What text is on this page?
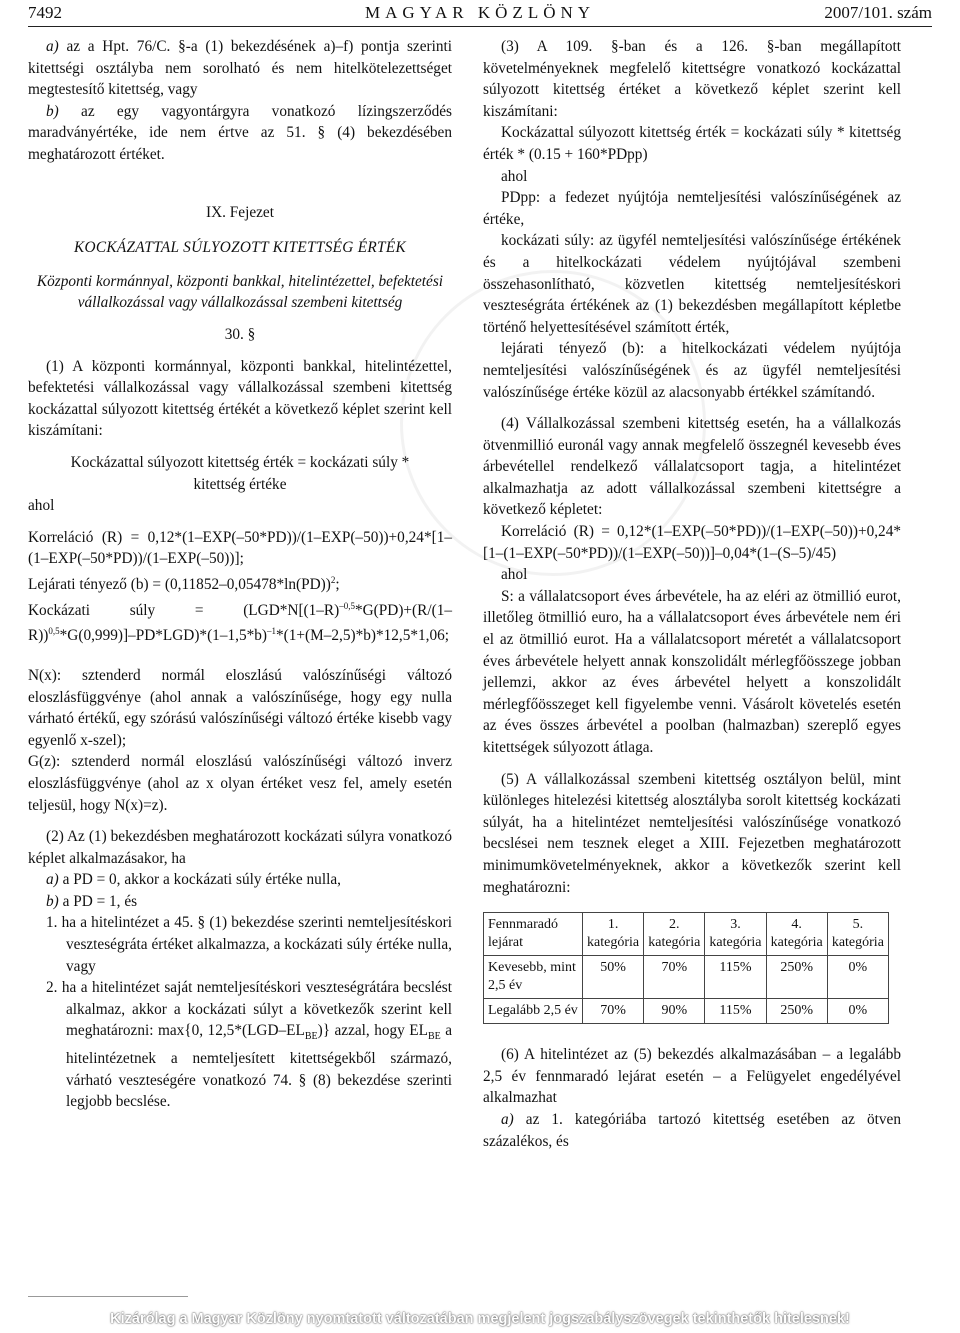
7492	MAGYAR KÖZLÖNY	2007/101. szám

a) az a Hpt. 76/C. §-a (1) bekezdésének a)–f) pontja szerinti kitettségi osztályba nem sorolható és nem hitelkötelezettséget megtestesítő kitettség, vagy

b) az egy vagyontárgyra vonatkozó lízingszerződés maradványértéke, ide nem értve az 51. § (4) bekezdésében meghatározott értéket.

IX. Fejezet

KOCKÁZATTAL SÚLYOZOTT KITETTSÉG ÉRTÉK

Központi kormánnyal, központi bankkal, hitelintézettel, befektetési vállalkozással vagy vállalkozással szembeni kitettség

30. §

(1) A központi kormánnyal, központi bankkal, hitelintézettel, befektetési vállalkozással vagy vállalkozással szembeni kitettség kockázattal súlyozott kitettség értékét a következő képlet szerint kell kiszámítani:

Kockázattal súlyozott kitettség érték = kockázati súly *
kitettség értéke

ahol

Korreláció (R) = 0,12*(1–EXP(–50*PD))/(1–EXP(–50))+0,24*[1–(1–EXP(–50*PD))/(1–EXP(–50))];

Lejárati tényező $(b) = (0,11852-0,05478*\ln(PD))^2$;

Kockázati súly = $(LGD*N[(1-R)^{-0,5}*G(PD)+(R/(1-R))^{0,5}*G(0,999)]-PD*LGD)*(1-1,5*b)^{-1}*(1+(M-2,5)*b)*12,5*1,06$;

N(x): sztenderd normál eloszlású valószínűségi változó eloszlásfüggvénye (ahol annak a valószínűsége, hogy egy nulla várható értékű, egy szórású valószínűségi változó értéke kisebb vagy egyenlő x-szel);

G(z): sztenderd normál eloszlású valószínűségi változó inverz eloszlásfüggvénye (ahol az x olyan értéket vesz fel, amely esetén teljesül, hogy N(x)=z).

(2) Az (1) bekezdésben meghatározott kockázati súlyra vonatkozó képlet alkalmazásakor, ha

a) a PD = 0, akkor a kockázati súly értéke nulla,

b) a PD = 1, és

1. ha a hitelintézet a 45. § (1) bekezdése szerinti nemteljesítéskori veszteségráta értéket alkalmazza, a kockázati súly értéke nulla, vagy

2. ha a hitelintézet saját nemteljesítéskori veszteségrátára becslést alkalmaz, akkor a kockázati súlyt a következők szerint kell meghatározni: max{0, $12,5*(LGD-EL_{BE})$} azzal, hogy $EL_{BE}$ a hitelintézetnek a nemteljesített kitettségekből származó, várható veszteségére vonatkozó 74. § (8) bekezdése szerinti legjobb becslése.

(3) A 109. §-ban és a 126. §-ban megállapított követelményeknek megfelelő kitettségre vonatkozó kockázattal súlyozott kitettség értéket a következő képlet szerint kell kiszámítani:

Kockázattal súlyozott kitettség érték = kockázati súly * kitettség érték * (0.15 + 160*PDpp)

ahol

PDpp: a fedezet nyújtója nemteljesítési valószínűségének az értéke,

kockázati súly: az ügyfél nemteljesítési valószínűsége értékének és a hitelkockázati védelem nyújtójával szembeni összehasonlítható, közvetlen kitettség nemteljesítéskori veszteségráta értékének az (1) bekezdésben megállapított képletbe történő helyettesítésével számított érték,

lejárati tényező (b): a hitelkockázati védelem nyújtója nemteljesítési valószínűségének és az ügyfél nemteljesítési valószínűsége értéke közül az alacsonyabb értékkel számítandó.

(4) Vállalkozással szembeni kitettség esetén, ha a vállalkozás ötvenmillió euronál vagy annak megfelelő összegnél kevesebb éves árbevétellel rendelkező vállalatcsoport tagja, a hitelintézet alkalmazhatja az adott vállalkozással szembeni kitettségre a következő képletet:

Korreláció (R) = 0,12*(1–EXP(–50*PD))/(1–EXP(–50))+0,24*[1–(1–EXP(–50*PD))/(1–EXP(–50))]–0,04*(1–(S–5)/45)

ahol

S: a vállalatcsoport éves árbevétele, ha az eléri az ötmillió eurot, illetőleg ötmillió euro, ha a vállalatcsoport éves árbevétele nem éri el az ötmillió eurot. Ha a vállalatcsoport méretét a vállalatcsoport éves árbevétele helyett annak konszolidált mérlegfőösszege jobban jellemzi, akkor az éves árbevétel helyett a konszolidált mérlegfőösszeget kell figyelembe venni. Vásárolt követelés esetén az éves összes árbevétel a poolban (halmazban) szereplő egyes kitettségek súlyozott átlaga.

(5) A vállalkozással szembeni kitettség osztályon belül, mint különleges hitelezési kitettség alosztályba sorolt kitettség kockázati súlyát, ha a hitelintézet nemteljesítési valószínűsége vonatkozó becslései nem tesznek eleget a XIII. Fejezetben meghatározott minimumkövetelményeknek, akkor a következők szerint kell meghatározni:

Fennmaradó lejárat	1. kategória	2. kategória	3. kategória	4. kategória	5. kategória
Kevesebb, mint 2,5 év	50%	70%	115%	250%	0%
Legalább 2,5 év	70%	90%	115%	250%	0%

(6) A hitelintézet az (5) bekezdés alkalmazásában – a legalább 2,5 év fennmaradó lejárat esetén – a Felügyelet engedélyével alkalmazhat

a) az 1. kategóriába tartozó kitettség esetében az ötven százalékos, és

Kizárólag a Magyar Közlöny nyomtatott változatában megjelent jogszabályszövegek tekinthetők hitelesnek!
